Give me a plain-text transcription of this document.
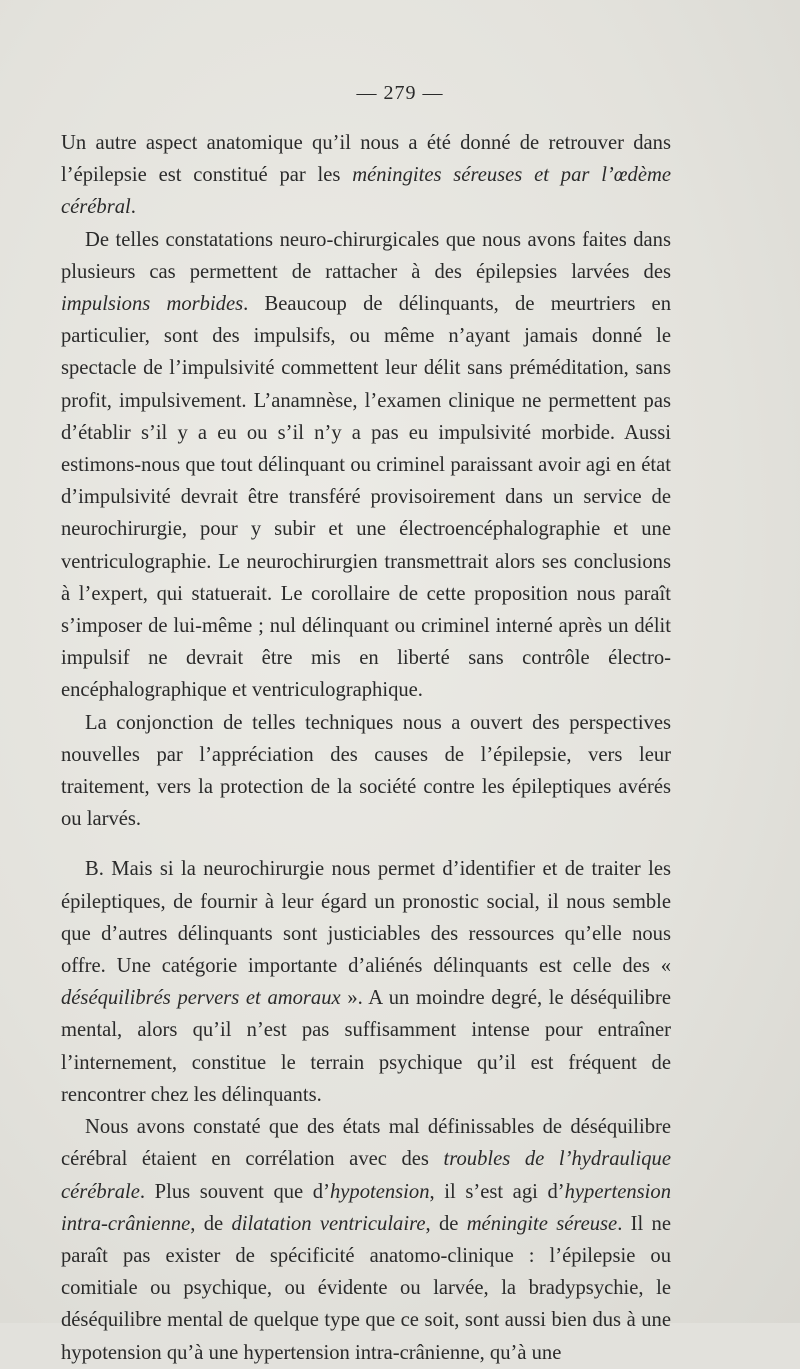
— 279 —

Un autre aspect anatomique qu’il nous a été donné de retrouver dans l’épilepsie est constitué par les méningites séreuses et par l’œdème cérébral.

De telles constatations neuro-chirurgicales que nous avons faites dans plusieurs cas permettent de rattacher à des épilepsies larvées des impulsions morbides. Beaucoup de délinquants, de meurtriers en particulier, sont des impulsifs, ou même n’ayant jamais donné le spectacle de l’impulsivité commettent leur délit sans préméditation, sans profit, impulsivement. L’anamnèse, l’examen clinique ne permettent pas d’établir s’il y a eu ou s’il n’y a pas eu impulsivité morbide. Aussi estimons-nous que tout délinquant ou criminel paraissant avoir agi en état d’impulsivité devrait être transféré provisoirement dans un service de neurochirurgie, pour y subir et une électroencéphalographie et une ventriculographie. Le neurochirurgien transmettrait alors ses conclusions à l’expert, qui statuerait. Le corollaire de cette proposition nous paraît s’imposer de lui-même ; nul délinquant ou criminel interné après un délit impulsif ne devrait être mis en liberté sans contrôle électro-encéphalographique et ventriculographique.

La conjonction de telles techniques nous a ouvert des perspectives nouvelles par l’appréciation des causes de l’épilepsie, vers leur traitement, vers la protection de la société contre les épileptiques avérés ou larvés.

B. Mais si la neurochirurgie nous permet d’identifier et de traiter les épileptiques, de fournir à leur égard un pronostic social, il nous semble que d’autres délinquants sont justiciables des ressources qu’elle nous offre. Une catégorie importante d’aliénés délinquants est celle des « déséquilibrés pervers et amoraux ». A un moindre degré, le déséquilibre mental, alors qu’il n’est pas suffisamment intense pour entraîner l’internement, constitue le terrain psychique qu’il est fréquent de rencontrer chez les délinquants.

Nous avons constaté que des états mal définissables de déséquilibre cérébral étaient en corrélation avec des troubles de l’hydraulique cérébrale. Plus souvent que d’hypotension, il s’est agi d’hypertension intra-crânienne, de dilatation ventriculaire, de méningite séreuse. Il ne paraît pas exister de spécificité anatomo-clinique : l’épilepsie ou comitiale ou psychique, ou évidente ou larvée, la bradypsychie, le déséquilibre mental de quelque type que ce soit, sont aussi bien dus à une hypotension qu’à une hypertension intra-crânienne, qu’à une
